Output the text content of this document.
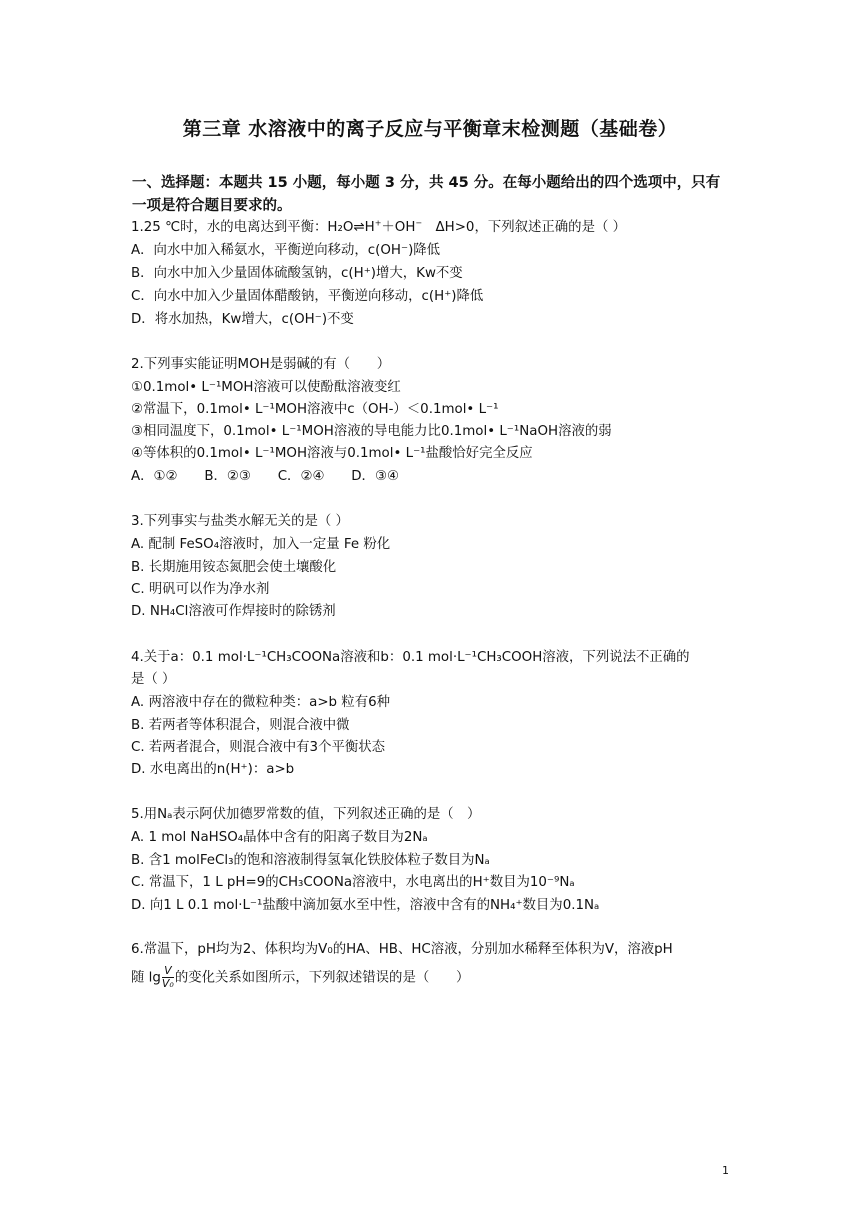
第三章 水溶液中的离子反应与平衡章末检测题（基础卷）
一、选择题：本题共 15 小题，每小题 3 分，共 45 分。在每小题给出的四个选项中，只有
一项是符合题目要求的。
1.25 ℃时，水的电离达到平衡：H₂O⇌H+＋OH−　ΔH>0，下列叙述正确的是（ ）
A．向水中加入稀氨水，平衡逆向移动，c(OH⁻)降低
B．向水中加入少量固体硫酸氢钠，c(H⁺)增大，Kw不变
C．向水中加入少量固体醋酸钠，平衡逆向移动，c(H⁺)降低
D．将水加热，Kw增大，c(OH⁻)不变
2.下列事实能证明MOH是弱碱的有（　　）
①0.1mol• L⁻¹MOH溶液可以使酚酞溶液变红
②常温下，0.1mol• L⁻¹MOH溶液中c（OH-）＜0.1mol• L⁻¹
③相同温度下，0.1mol• L⁻¹MOH溶液的导电能力比0.1mol• L⁻¹NaOH溶液的弱
④等体积的0.1mol• L⁻¹MOH溶液与0.1mol• L⁻¹盐酸恰好完全反应
A．①②　　B．②③　　C．②④　　D．③④
3.下列事实与盐类水解无关的是（ ）
A. 配制 FeSO₄溶液时，加入一定量 Fe 粉化
B. 长期施用铵态氮肥会使土壤酸化
C. 明矾可以作为净水剂
D. NH₄Cl溶液可作焊接时的除锈剂
4.关于a：0.1 mol·L⁻¹CH₃COONa溶液和b：0.1 mol·L⁻¹CH₃COOH溶液，下列说法不正确的
是（ ）
A. 两溶液中存在的微粒种类：a>b 粒有6种
B. 若两者等体积混合，则混合液中微
C. 若两者混合，则混合液中有3个平衡状态
D. 水电离出的n(H⁺)：a>b
5.用Nₐ表示阿伏加德罗常数的值，下列叙述正确的是（　）
A. 1 mol NaHSO₄晶体中含有的阳离子数目为2Nₐ
B. 含1 molFeCl₃的饱和溶液制得氢氧化铁胶体粒子数目为Nₐ
C. 常温下，1 L pH=9的CH₃COONa溶液中，水电离出的H⁺数目为10⁻⁹Nₐ
D. 向1 L 0.1 mol·L⁻¹盐酸中滴加氨水至中性，溶液中含有的NH₄⁺数目为0.1Nₐ
6.常温下，pH均为2、体积均为V₀的HA、HB、HC溶液，分别加水稀释至体积为V，溶液pH
随 $\lg \frac{V}{\text{V₀}}$ 的变化关系如图所示，下列叙述错误的是（　　）
1
